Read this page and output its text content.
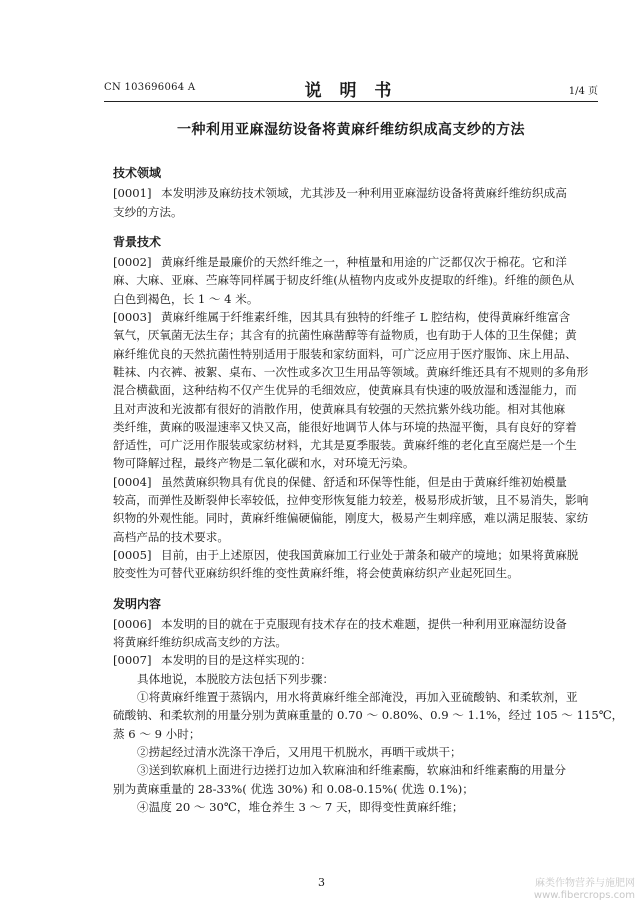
CN 103696064 A	说 明 书	1/4 页
一种利用亚麻湿纺设备将黄麻纤维纺织成高支纱的方法
技术领域
[0001] 本发明涉及麻纺技术领域，尤其涉及一种利用亚麻湿纺设备将黄麻纤维纺织成高
支纱的方法。
背景技术
[0002] 黄麻纤维是最廉价的天然纤维之一，种植量和用途的广泛都仅次于棉花。它和洋
麻、大麻、亚麻、苎麻等同样属于韧皮纤维(从植物内皮或外皮提取的纤维)。纤维的颜色从
白色到褐色，长 1 ～ 4 米。
[0003] 黄麻纤维属于纤维素纤维，因其具有独特的纤维孑 L 腔结构，使得黄麻纤维富含
氧气，厌氧菌无法生存；其含有的抗菌性麻凿醇等有益物质，也有助于人体的卫生保健；黄
麻纤维优良的天然抗菌性特别适用于服装和家纺面料，可广泛应用于医疗服饰、床上用品、
鞋袜、内衣裤、被絮、桌布、一次性或多次卫生用品等领域。黄麻纤维还具有不规则的多角形
混合横截面，这种结构不仅产生优异的毛细效应，使黄麻具有快速的吸放湿和透湿能力，而
且对声波和光波都有很好的消散作用，使黄麻具有较强的天然抗紫外线功能。相对其他麻
类纤维，黄麻的吸湿速率又快又高，能很好地调节人体与环境的热湿平衡，具有良好的穿着
舒适性，可广泛用作服装或家纺材料，尤其是夏季服装。黄麻纤维的老化直至腐烂是一个生
物可降解过程，最终产物是二氧化碳和水，对环境无污染。
[0004] 虽然黄麻织物具有优良的保健、舒适和环保等性能，但是由于黄麻纤维初始模量
较高，而弹性及断裂伸长率较低，拉伸变形恢复能力较差，极易形成折皱，且不易消失，影响
织物的外观性能。同时，黄麻纤维偏硬偏能，刚度大，极易产生刺痒感，难以满足服装、家纺
高档产品的技术要求。
[0005] 目前，由于上述原因，使我国黄麻加工行业处于萧条和破产的境地；如果将黄麻脱
胶变性为可替代亚麻纺织纤维的变性黄麻纤维，将会使黄麻纺织产业起死回生。
发明内容
[0006] 本发明的目的就在于克服现有技术存在的技术难题，提供一种利用亚麻湿纺设备
将黄麻纤维纺织成高支纱的方法。
[0007] 本发明的目的是这样实现的：
具体地说，本脱胶方法包括下列步骤：
①将黄麻纤维置于蒸锅内，用水将黄麻纤维全部淹没，再加入亚硫酸钠、和柔软剂，亚
硫酸钠、和柔软剂的用量分别为黄麻重量的 0.70 ～ 0.80%、0.9 ～ 1.1%，经过 105 ～ 115℃，
蒸 6 ～ 9 小时；
②捞起经过清水洗涤干净后，又用甩干机脱水，再晒干或烘干；
③送到软麻机上面进行边搓打边加入软麻油和纤维素酶，软麻油和纤维素酶的用量分
别为黄麻重量的 28-33%( 优选 30%) 和 0.08-0.15%( 优选 0.1%)；
④温度 20 ～ 30℃，堆仓养生 3 ～ 7 天，即得变性黄麻纤维；
3	麻类作物营养与施肥网
www.fibercrops.com
